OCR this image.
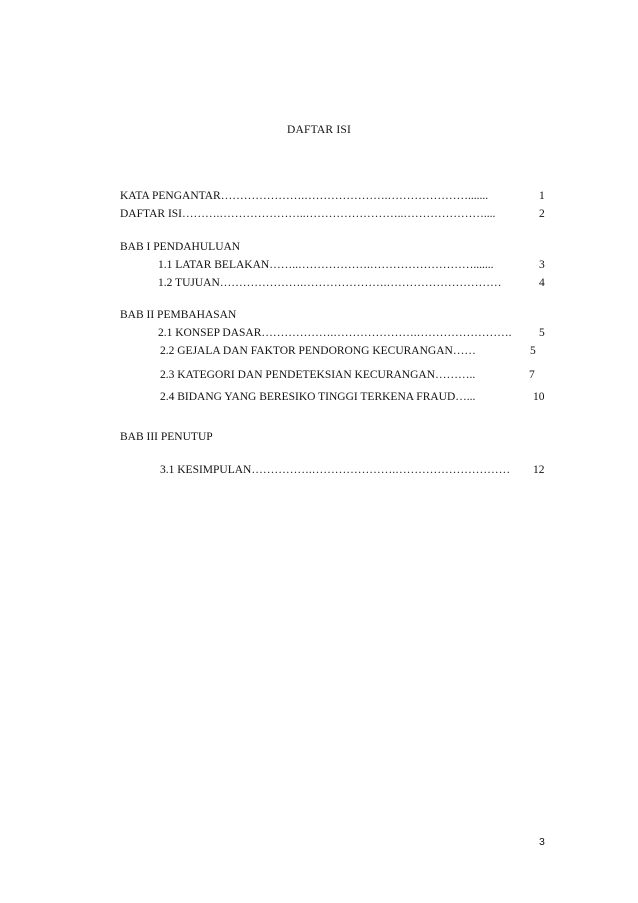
DAFTAR ISI
KATA PENGANTAR………………….………………….………………….......	1
DAFTAR ISI……….…………………..……………………..…………………....	2
BAB I PENDAHULUAN
1.1 LATAR BELAKAN……..……………….……………………….......	3
1.2 TUJUAN………………….………………….…………………………	4
BAB II PEMBAHASAN
2.1 KONSEP DASAR……………….………………….……………………. 5
2.2 GEJALA DAN FAKTOR PENDORONG KECURANGAN……	5
2.3 KATEGORI DAN PENDETEKSIAN KECURANGAN………..	7
2.4 BIDANG YANG BERESIKO TINGGI TERKENA FRAUD…...	10
BAB III PENUTUP
3.1 KESIMPULAN…………….………………….………………………… 12
3
